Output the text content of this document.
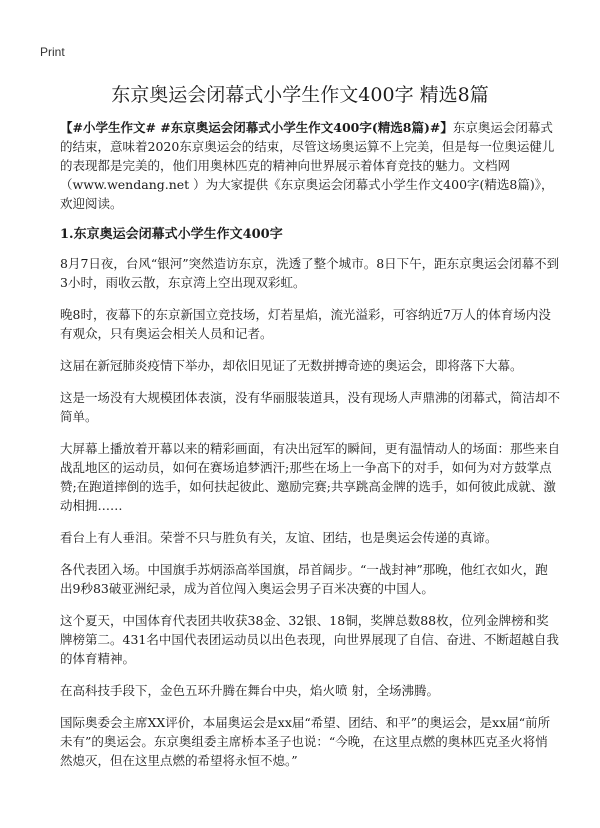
Print
东京奥运会闭幕式小学生作文400字 精选8篇

【#小学生作文# #东京奥运会闭幕式小学生作文400字(精选8篇)#】东京奥运会闭幕式的结束，意味着2020东京奥运会的结束，尽管这场奥运算不上完美，但是每一位奥运健儿的表现都是完美的，他们用奥林匹克的精神向世界展示着体育竞技的魅力。文档网（www.wendang.net ）为大家提供《东京奥运会闭幕式小学生作文400字(精选8篇)》，欢迎阅读。

1.东京奥运会闭幕式小学生作文400字

8月7日夜，台风“银河”突然造访东京，洗透了整个城市。8日下午，距东京奥运会闭幕不到3小时，雨收云散，东京湾上空出现双彩虹。

晚8时，夜幕下的东京新国立竞技场，灯若星焰，流光溢彩，可容纳近7万人的体育场内没有观众，只有奥运会相关人员和记者。

这届在新冠肺炎疫情下举办，却依旧见证了无数拼搏奇迹的奥运会，即将落下大幕。

这是一场没有大规模团体表演，没有华丽服装道具，没有现场人声鼎沸的闭幕式，简洁却不简单。

大屏幕上播放着开幕以来的精彩画面，有决出冠军的瞬间，更有温情动人的场面：那些来自战乱地区的运动员，如何在赛场追梦洒汗;那些在场上一争高下的对手，如何为对方鼓掌点赞;在跑道摔倒的选手，如何扶起彼此、邀励完赛;共享跳高金牌的选手，如何彼此成就、激动相拥……

看台上有人垂泪。荣誉不只与胜负有关，友谊、团结，也是奥运会传递的真谛。

各代表团入场。中国旗手苏炳添高举国旗，昂首阔步。“一战封神”那晚，他红衣如火，跑出9秒83破亚洲纪录，成为首位闯入奥运会男子百米决赛的中国人。

这个夏天，中国体育代表团共收获38金、32银、18铜，奖牌总数88枚，位列金牌榜和奖牌榜第二。431名中国代表团运动员以出色表现，向世界展现了自信、奋进、不断超越自我的体育精神。

在高科技手段下，金色五环升腾在舞台中央，焰火喷 射，全场沸腾。

国际奥委会主席XX评价，本届奥运会是xx届“希望、团结、和平”的奥运会，是xx届“前所未有”的奥运会。东京奥组委主席桥本圣子也说：“今晚，在这里点燃的奥林匹克圣火将悄然熄灭，但在这里点燃的希望将永恒不熄。”
